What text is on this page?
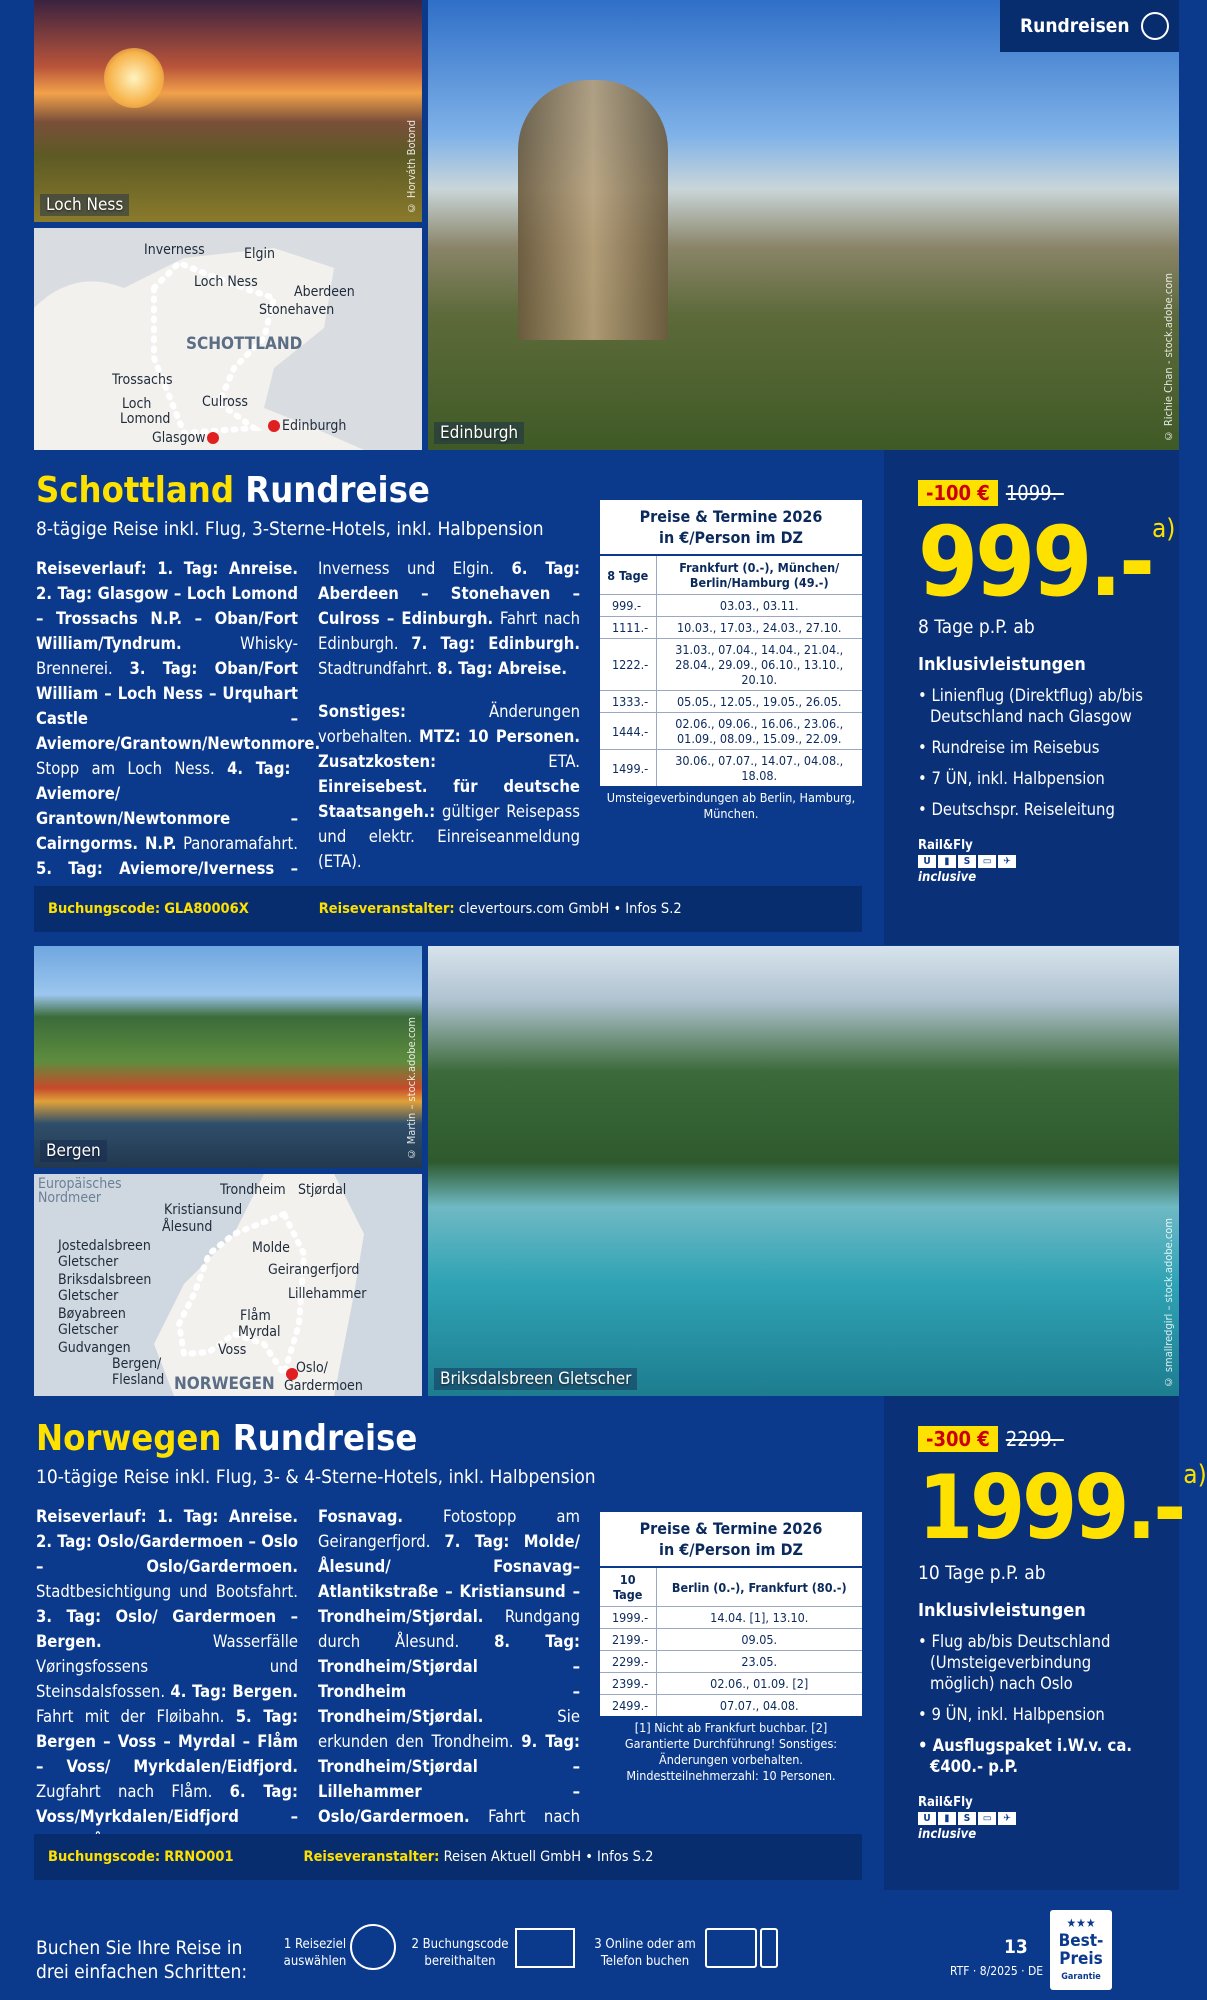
Loch Ness	© Horváth Botond
Inverness	Elgin
Loch Ness
Aberdeen
Stonehaven
Trossachs
Loch
Lomond
Culross
Glasgow
Edinburgh
SCHOTTLAND
Edinburgh	© Richie Chan - stock.adobe.com
Rundreisen
Schottland Rundreise
8-tägige Reise inkl. Flug, 3-Sterne-Hotels, inkl. Halbpension
Reiseverlauf: 1. Tag: Anreise. 2. Tag: Glasgow – Loch Lomond – Trossachs N.P. – Oban/Fort William/Tyndrum. Whisky-Brennerei. 3. Tag: Oban/Fort William – Loch Ness – Urquhart Castle – Aviemore/Grantown/Newtonmore. Stopp am Loch Ness. 4. Tag: Aviemore/ Grantown/Newtonmore – Cairngorms. N.P. Panoramafahrt. 5. Tag: Aviemore/Iverness –
Inverness und Elgin. 6. Tag: Aberdeen – Stonehaven – Culross – Edinburgh. Fahrt nach Edinburgh. 7. Tag: Edinburgh. Stadtrundfahrt. 8. Tag: Abreise.
Sonstiges: Änderungen vorbehalten. MTZ: 10 Personen. Zusatzkosten: ETA. Einreisebest. für deutsche Staatsangeh.: gültiger Reisepass und elektr. Einreiseanmeldung (ETA).
Preise & Termine 2026
in €/Person im DZ
8 Tage	Frankfurt (0.-), München/ Berlin/Hamburg (49.-)
999.-	03.03., 03.11.
1111.-	10.03., 17.03., 24.03., 27.10.
1222.-	31.03., 07.04., 14.04., 21.04., 28.04., 29.09., 06.10., 13.10., 20.10.
1333.-	05.05., 12.05., 19.05., 26.05.
1444.-	02.06., 09.06., 16.06., 23.06., 01.09., 08.09., 15.09., 22.09.
1499.-	30.06., 07.07., 14.07., 04.08., 18.08.
Umsteigeverbindungen ab Berlin, Hamburg, München.
Buchungscode: GLA80006X	Reiseveranstalter: clevertours.com GmbH • Infos S.2
-100 € 1099.-
999.-a)
8 Tage p.P. ab
Inklusivleistungen
• Linienflug (Direktflug) ab/bis Deutschland nach Glasgow
• Rundreise im Reisebus
• 7 ÜN, inkl. Halbpension
• Deutschspr. Reiseleitung
Rail&Fly
U	▮	S	▭	✈
inclusive
Bergen	© Martin – stock.adobe.com
Europäisches
Nordmeer	Trondheim Stjørdal
Kristiansund
Ålesund
Molde
Jostedalsbreen
Gletscher	Geirangerfjord
Briksdalsbreen
Gletscher	Lillehammer
Bøyabreen
Gletscher
Flåm
Myrdal
Gudvangen	Voss
Bergen/
Flesland
Oslo/
Gardermoen
NORWEGEN	Briksdalsbreen Gletscher	© smallredgirl – stock.adobe.com
Norwegen Rundreise
10-tägige Reise inkl. Flug, 3- & 4-Sterne-Hotels, inkl. Halbpension
Reiseverlauf: 1. Tag: Anreise. 2. Tag: Oslo/Gardermoen – Oslo – Oslo/Gardermoen. Stadtbesichtigung und Bootsfahrt. 3. Tag: Oslo/ Gardermoen – Bergen. Wasserfälle Vøringsfossens und Steinsdalsfossen. 4. Tag: Bergen. Fahrt mit der Fløibahn. 5. Tag: Bergen – Voss – Myrdal – Flåm – Voss/ Myrkdalen/Eidfjord. Zugfahrt nach Flåm. 6. Tag: Voss/Myrkdalen/Eidfjord –
Fosnavag. Fotostopp am Geirangerfjord. 7. Tag: Molde/Ålesund/ Fosnavag– Atlantikstraße – Kristiansund –Trondheim/Stjørdal. Rundgang durch Ålesund. 8. Tag: Trondheim/Stjørdal – Trondheim – Trondheim/Stjørdal. Sie erkunden den Trondheim. 9. Tag: Trondheim/Stjørdal – Lillehammer – Oslo/Gardermoen. Fahrt nach
Preise & Termine 2026
in €/Person im DZ
10 Tage	Berlin (0.-), Frankfurt (80.-)
1999.-	14.04. [1], 13.10.
2199.-	09.05.
2299.-	23.05.
2399.-	02.06., 01.09. [2]
2499.-	07.07., 04.08.
[1] Nicht ab Frankfurt buchbar. [2] Garantierte Durchführung! Sonstiges: Änderungen vorbehalten. Mindestteilnehmerzahl: 10 Personen.
Buchungscode: RRNO001	Reiseveranstalter: Reisen Aktuell GmbH • Infos S.2
-300 € 2299.-
1999.-a)
10 Tage p.P. ab
Inklusivleistungen
• Flug ab/bis Deutschland (Umsteigeverbindung möglich) nach Oslo
• 9 ÜN, inkl. Halbpension
• Ausflugspaket i.W.v. ca. €400.- p.P.
Rail&Fly
U	▮	S	▭	✈
inclusive
Buchen Sie Ihre Reise in drei einfachen Schritten:
1 Reiseziel auswählen
2 Buchungscode bereithalten
3 Online oder am Telefon buchen
13
RTF · 8/2025 · DE
★★★
Best-
Preis
Garantie
